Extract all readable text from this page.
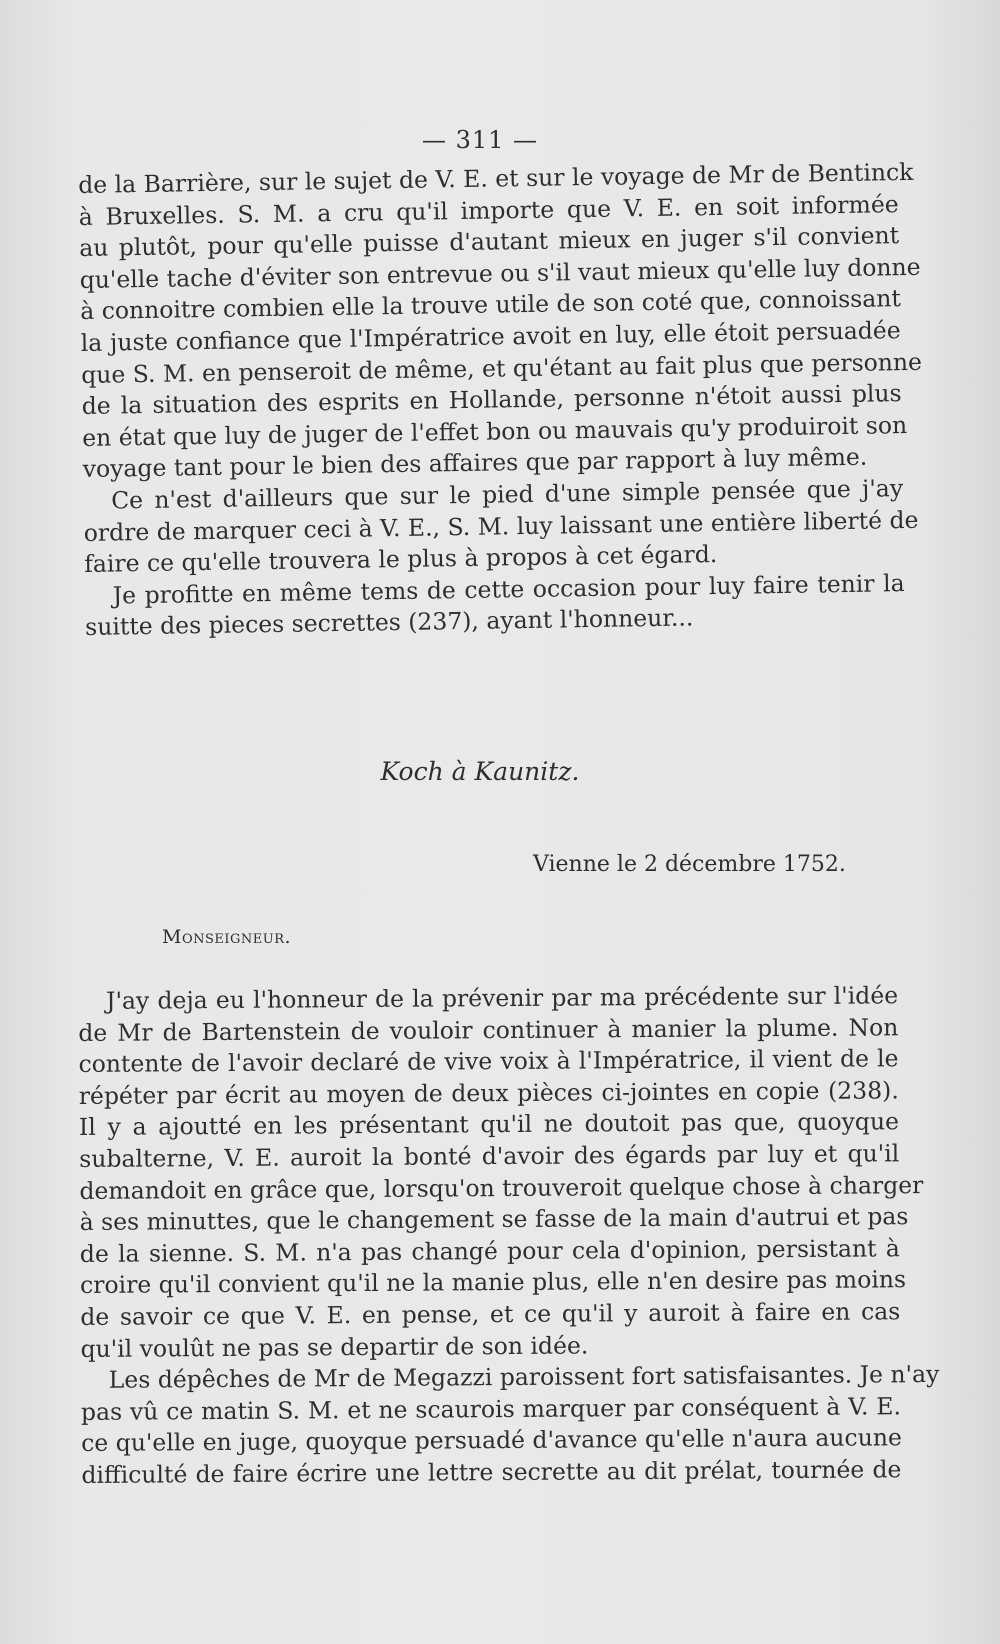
— 311 —
de la Barrière, sur le sujet de V. E. et sur le voyage de Mr de Bentinck
à Bruxelles. S. M. a cru qu'il importe que V. E. en soit informée
au plutôt, pour qu'elle puisse d'autant mieux en juger s'il convient
qu'elle tache d'éviter son entrevue ou s'il vaut mieux qu'elle luy donne
à connoitre combien elle la trouve utile de son coté que, connoissant
la juste confiance que l'Impératrice avoit en luy, elle étoit persuadée
que S. M. en penseroit de même, et qu'étant au fait plus que personne
de la situation des esprits en Hollande, personne n'étoit aussi plus
en état que luy de juger de l'effet bon ou mauvais qu'y produiroit son
voyage tant pour le bien des affaires que par rapport à luy même.
Ce n'est d'ailleurs que sur le pied d'une simple pensée que j'ay
ordre de marquer ceci à V. E., S. M. luy laissant une entière liberté de
faire ce qu'elle trouvera le plus à propos à cet égard.
Je profitte en même tems de cette occasion pour luy faire tenir la
suitte des pieces secrettes (237), ayant l'honneur...
Koch à Kaunitz.
Vienne le 2 décembre 1752.
Monseigneur.
J'ay deja eu l'honneur de la prévenir par ma précédente sur l'idée
de Mr de Bartenstein de vouloir continuer à manier la plume. Non
contente de l'avoir declaré de vive voix à l'Impératrice, il vient de le
répéter par écrit au moyen de deux pièces ci-jointes en copie (238).
Il y a ajoutté en les présentant qu'il ne doutoit pas que, quoyque
subalterne, V. E. auroit la bonté d'avoir des égards par luy et qu'il
demandoit en grâce que, lorsqu'on trouveroit quelque chose à charger
à ses minuttes, que le changement se fasse de la main d'autrui et pas
de la sienne. S. M. n'a pas changé pour cela d'opinion, persistant à
croire qu'il convient qu'il ne la manie plus, elle n'en desire pas moins
de savoir ce que V. E. en pense, et ce qu'il y auroit à faire en cas
qu'il voulût ne pas se departir de son idée.
Les dépêches de Mr de Megazzi paroissent fort satisfaisantes. Je n'ay
pas vû ce matin S. M. et ne scaurois marquer par conséquent à V. E.
ce qu'elle en juge, quoyque persuadé d'avance qu'elle n'aura aucune
difficulté de faire écrire une lettre secrette au dit prélat, tournée de
